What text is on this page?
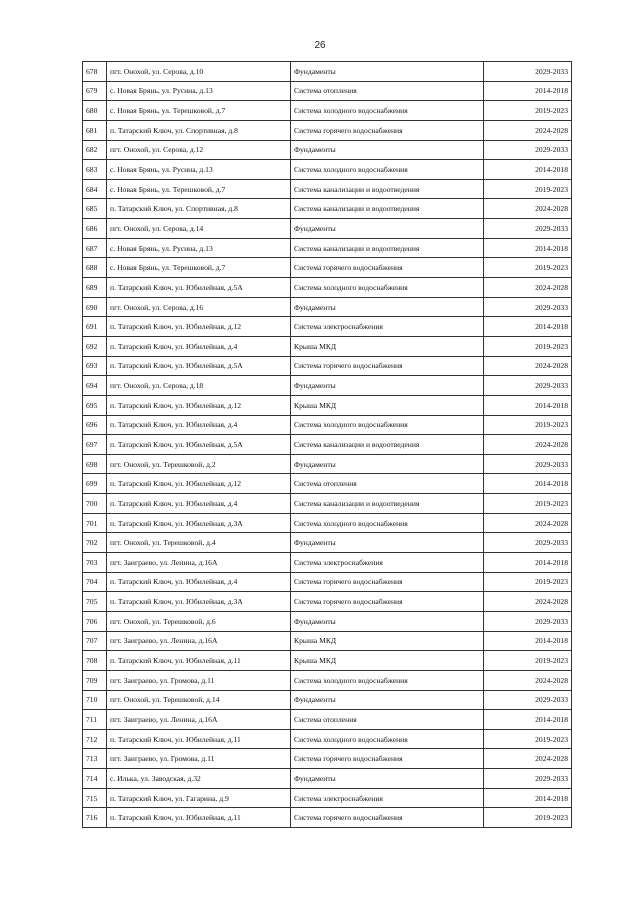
26
678	пгт. Онохой, ул. Серова, д.10	Фундаменты	2029-2033
679	с. Новая Брянь, ул. Русина, д.13	Система отопления	2014-2018
680	с. Новая Брянь, ул. Терешковой, д.7	Система холодного водоснабжения	2019-2023
681	п. Татарский Ключ, ул. Спортивная, д.8	Система горячего водоснабжения	2024-2028
682	пгт. Онохой, ул. Серова, д.12	Фундаменты	2029-2033
683	с. Новая Брянь, ул. Русина, д.13	Система холодного водоснабжения	2014-2018
684	с. Новая Брянь, ул. Терешковой, д.7	Система канализации и водоотведения	2019-2023
685	п. Татарский Ключ, ул. Спортивная, д.8	Система канализации и водоотведения	2024-2028
686	пгт. Онохой, ул. Серова, д.14	Фундаменты	2029-2033
687	с. Новая Брянь, ул. Русина, д.13	Система канализации и водоотведения	2014-2018
688	с. Новая Брянь, ул. Терешковой, д.7	Система горячего водоснабжения	2019-2023
689	п. Татарский Ключ, ул. Юбилейная, д.5А	Система холодного водоснабжения	2024-2028
690	пгт. Онохой, ул. Серова, д.16	Фундаменты	2029-2033
691	п. Татарский Ключ, ул. Юбилейная, д.12	Система электроснабжения	2014-2018
692	п. Татарский Ключ, ул. Юбилейная, д.4	Крыша МКД	2019-2023
693	п. Татарский Ключ, ул. Юбилейная, д.5А	Система горячего водоснабжения	2024-2028
694	пгт. Онохой, ул. Серова, д.18	Фундаменты	2029-2033
695	п. Татарский Ключ, ул. Юбилейная, д.12	Крыша МКД	2014-2018
696	п. Татарский Ключ, ул. Юбилейная, д.4	Система холодного водоснабжения	2019-2023
697	п. Татарский Ключ, ул. Юбилейная, д.5А	Система канализации и водоотведения	2024-2028
698	пгт. Онохой, ул. Терешковой, д.2	Фундаменты	2029-2033
699	п. Татарский Ключ, ул. Юбилейная, д.12	Система отопления	2014-2018
700	п. Татарский Ключ, ул. Юбилейная, д.4	Система канализации и водоотведения	2019-2023
701	п. Татарский Ключ, ул. Юбилейная, д.3А	Система холодного водоснабжения	2024-2028
702	пгт. Онохой, ул. Терешковой, д.4	Фундаменты	2029-2033
703	пгт. Заиграево, ул. Ленина, д.16А	Система электроснабжения	2014-2018
704	п. Татарский Ключ, ул. Юбилейная, д.4	Система горячего водоснабжения	2019-2023
705	п. Татарский Ключ, ул. Юбилейная, д.3А	Система горячего водоснабжения	2024-2028
706	пгт. Онохой, ул. Терешковой, д.6	Фундаменты	2029-2033
707	пгт. Заиграево, ул. Ленина, д.16А	Крыша МКД	2014-2018
708	п. Татарский Ключ, ул. Юбилейная, д.11	Крыша МКД	2019-2023
709	пгт. Заиграево, ул. Громова, д.11	Система холодного водоснабжения	2024-2028
710	пгт. Онохой, ул. Терешковой, д.14	Фундаменты	2029-2033
711	пгт. Заиграево, ул. Ленина, д.16А	Система отопления	2014-2018
712	п. Татарский Ключ, ул. Юбилейная, д.11	Система холодного водоснабжения	2019-2023
713	пгт. Заиграево, ул. Громова, д.11	Система горячего водоснабжения	2024-2028
714	с. Илька, ул. Заводская, д.32	Фундаменты	2029-2033
715	п. Татарский Ключ, ул. Гагарина, д.9	Система электроснабжения	2014-2018
716	п. Татарский Ключ, ул. Юбилейная, д.11	Система горячего водоснабжения	2019-2023
